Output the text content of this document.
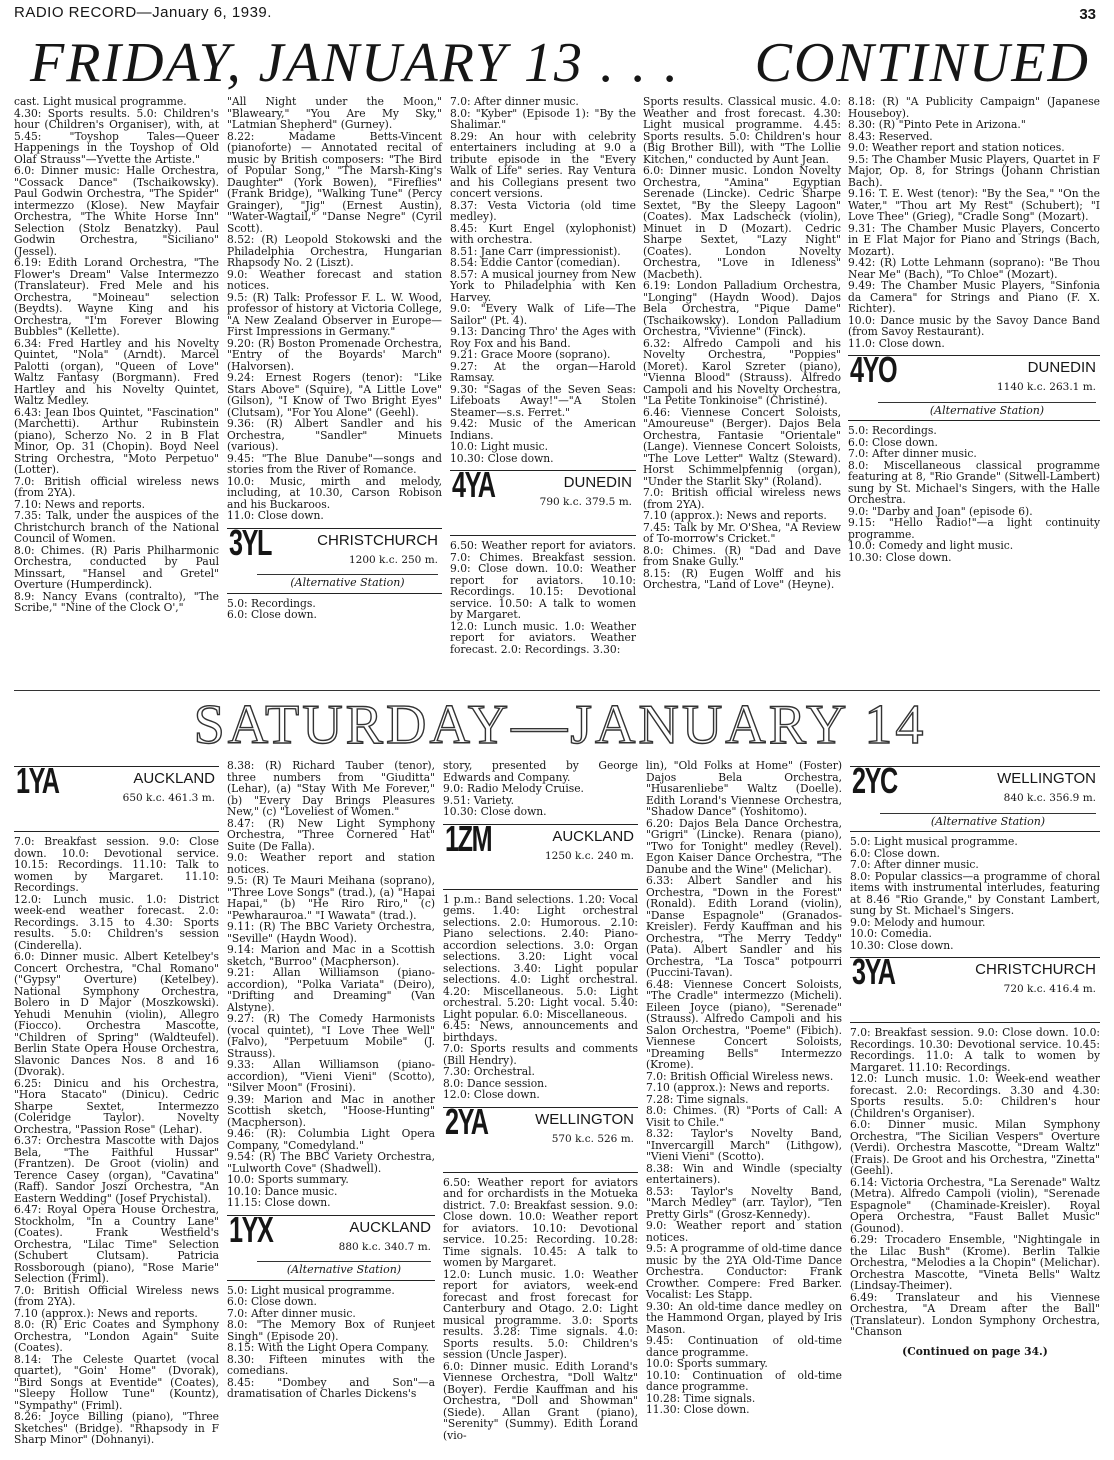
RADIO RECORD—January 6, 1939.	33
FRIDAY, JANUARY 13 . . . CONTINUED

cast. Light musical programme.

4.30: Sports results. 5.0: Children's hour (Children's Organiser), with, at 5.45: "Toyshop Tales—Queer Happenings in the Toyshop of Old Olaf Strauss"—Yvette the Artiste."

6.0: Dinner music: Halle Orchestra, "Cossack Dance" (Tschaikowsky). Paul Godwin Orchestra, "The Spider" intermezzo (Klose). New Mayfair Orchestra, "The White Horse Inn" Selection (Stolz Benatzky). Paul Godwin Orchestra, "Siciliano" (Jessel).

6.19: Edith Lorand Orchestra, "The Flower's Dream" Valse Intermezzo (Translateur). Fred Mele and his Orchestra, "Moineau" selection (Beydts). Wayne King and his Orchestra, "I'm Forever Blowing Bubbles" (Kellette).

6.34: Fred Hartley and his Novelty Quintet, "Nola" (Arndt). Marcel Palotti (organ), "Queen of Love" Waltz Fantasy (Borgmann). Fred Hartley and his Novelty Quintet, Waltz Medley.

6.43: Jean Ibos Quintet, "Fascination" (Marchetti). Arthur Rubinstein (piano), Scherzo No. 2 in B Flat Minor, Op. 31 (Chopin). Boyd Neel String Orchestra, "Moto Perpetuo" (Lotter).

7.0: British official wireless news (from 2YA).

7.10: News and reports.

7.35: Talk, under the auspices of the Christchurch branch of the National Council of Women.

8.0: Chimes. (R) Paris Philharmonic Orchestra, conducted by Paul Minssart, "Hansel and Gretel" Overture (Humperdinck).

8.9: Nancy Evans (contralto), "The Scribe," "Nine of the Clock O',"

"All Night under the Moon," "Blaweary," "You Are My Sky," "Latmian Shepherd" (Gurney).

8.22: Madame Betts-Vincent (pianoforte) — Annotated recital of music by British composers: "The Bird of Popular Song," "The Marsh-King's Daughter" (York Bowen), "Fireflies" (Frank Bridge), "Walking Tune" (Percy Grainger), "Jig" (Ernest Austin), "Water-Wagtail," "Danse Negre" (Cyril Scott).

8.52: (R) Leopold Stokowski and the Philadelphia Orchestra, Hungarian Rhapsody No. 2 (Liszt).

9.0: Weather forecast and station notices.

9.5: (R) Talk: Professor F. L. W. Wood, professor of history at Victoria College, "A New Zealand Observer in Europe—First Impressions in Germany."

9.20: (R) Boston Promenade Orchestra, "Entry of the Boyards' March" (Halvorsen).

9.24: Ernest Rogers (tenor): "Like Stars Above" (Squire), "A Little Love" (Gilson), "I Know of Two Bright Eyes" (Clutsam), "For You Alone" (Geehl).

9.36: (R) Albert Sandler and his Orchestra, "Sandler" Minuets (various).

9.45: "The Blue Danube"—songs and stories from the River of Romance.

10.0: Music, mirth and melody, including, at 10.30, Carson Robison and his Buckaroos.

11.0: Close down.

3YL	CHRISTCHURCH
1200 k.c. 250 m.
(Alternative Station)

5.0: Recordings.

6.0: Close down.

7.0: After dinner music.

8.0: "Kyber" (Episode 1): "By the Shalimar."

8.29: An hour with celebrity entertainers including at 9.0 a tribute episode in the "Every Walk of Life" series. Ray Ventura and his Collegians present two concert versions.

8.37: Vesta Victoria (old time medley).

8.45: Kurt Engel (xylophonist) with orchestra.

8.51: Jane Carr (impressionist).

8.54: Eddie Cantor (comedian).

8.57: A musical journey from New York to Philadelphia with Ken Harvey.

9.0: "Every Walk of Life—The Sailor" (Pt. 4).

9.13: Dancing Thro' the Ages with Roy Fox and his Band.

9.21: Grace Moore (soprano).

9.27: At the organ—Harold Ramsay.

9.30: "Sagas of the Seven Seas: Lifeboats Away!"—"A Stolen Steamer—s.s. Ferret."

9.42: Music of the American Indians.

10.0: Light music.

10.30: Close down.

4YA	DUNEDIN
790 k.c. 379.5 m.

6.50: Weather report for aviators. 7.0: Chimes. Breakfast session. 9.0: Close down. 10.0: Weather report for aviators. 10.10: Recordings. 10.15: Devotional service. 10.50: A talk to women by Margaret.

12.0: Lunch music. 1.0: Weather report for aviators. Weather forecast. 2.0: Recordings. 3.30:

Sports results. Classical music. 4.0: Weather and frost forecast. 4.30: Light musical programme. 4.45: Sports results. 5.0: Children's hour (Big Brother Bill), with "The Lollie Kitchen," conducted by Aunt Jean.

6.0: Dinner music. London Novelty Orchestra, "Amina" Egyptian Serenade (Lincke). Cedric Sharpe Sextet, "By the Sleepy Lagoon" (Coates). Max Ladscheck (violin), Minuet in D (Mozart). Cedric Sharpe Sextet, "Lazy Night" (Coates). London Novelty Orchestra, "Love in Idleness" (Macbeth).

6.19: London Palladium Orchestra, "Longing" (Haydn Wood). Dajos Bela Orchestra, "Pique Dame" (Tschaikowsky). London Palladium Orchestra, "Vivienne" (Finck).

6.32: Alfredo Campoli and his Novelty Orchestra, "Poppies" (Moret). Karol Szreter (piano), "Vienna Blood" (Strauss). Alfredo Campoli and his Novelty Orchestra, "La Petite Tonkinoise" (Christiné).

6.46: Viennese Concert Soloists, "Amoureuse" (Berger). Dajos Bela Orchestra, Fantasie "Orientale" (Lange). Viennese Concert Soloists, "The Love Letter" Waltz (Steward). Horst Schimmelpfennig (organ), "Under the Starlit Sky" (Roland).

7.0: British official wireless news (from 2YA).

7.10 (approx.): News and reports.

7.45: Talk by Mr. O'Shea, "A Review of To-morrow's Cricket."

8.0: Chimes. (R) "Dad and Dave from Snake Gully."

8.15: (R) Eugen Wolff and his Orchestra, "Land of Love" (Heyne).

8.18: (R) "A Publicity Campaign" (Japanese Houseboy).

8.30: (R) "Pinto Pete in Arizona."

8.43: Reserved.

9.0: Weather report and station notices.

9.5: The Chamber Music Players, Quartet in F Major, Op. 8, for Strings (Johann Christian Bach).

9.16: T. E. West (tenor): "By the Sea," "On the Water," "Thou art My Rest" (Schubert); "I Love Thee" (Grieg), "Cradle Song" (Mozart).

9.31: The Chamber Music Players, Concerto in E Flat Major for Piano and Strings (Bach, Mozart).

9.42: (R) Lotte Lehmann (soprano): "Be Thou Near Me" (Bach), "To Chloe" (Mozart).

9.49: The Chamber Music Players, "Sinfonia da Camera" for Strings and Piano (F. X. Richter).

10.0: Dance music by the Savoy Dance Band (from Savoy Restaurant).

11.0: Close down.

4YO	DUNEDIN
1140 k.c. 263.1 m.
(Alternative Station)

5.0: Recordings.

6.0: Close down.

7.0: After dinner music.

8.0: Miscellaneous classical programme featuring at 8, "Rio Grande" (Sitwell-Lambert) sung by St. Michael's Singers, with the Halle Orchestra.

9.0: "Darby and Joan" (episode 6).

9.15: "Hello Radio!"—a light continuity programme.

10.0: Comedy and light music.

10.30: Close down.

SATURDAY—JANUARY 14
1YA	AUCKLAND
650 k.c. 461.3 m.

7.0: Breakfast session. 9.0: Close down. 10.0: Devotional service. 10.15: Recordings. 11.10: Talk to women by Margaret. 11.10: Recordings.

12.0: Lunch music. 1.0: District week-end weather forecast. 2.0: Recordings. 3.15 to 4.30: Sports results. 5.0: Children's session (Cinderella).

6.0: Dinner music. Albert Ketelbey's Concert Orchestra, "Chal Romano" ("Gypsy" Overture) (Ketelbey). National Symphony Orchestra, Bolero in D Major (Moszkowski). Yehudi Menuhin (violin), Allegro (Fiocco). Orchestra Mascotte, "Children of Spring" (Waldteufel). Berlin State Opera House Orchestra, Slavonic Dances Nos. 8 and 16 (Dvorak).

6.25: Dinicu and his Orchestra, "Hora Stacato" (Dinicu). Cedric Sharpe Sextet, Intermezzo (Coleridge Taylor). Novelty Orchestra, "Passion Rose" (Lehar).

6.37: Orchestra Mascotte with Dajos Bela, "The Faithful Hussar" (Frantzen). De Groot (violin) and Terence Casey (organ), "Cavatina" (Raff). Sandor Joszi Orchestra, "An Eastern Wedding" (Josef Prychistal).

6.47: Royal Opera House Orchestra, Stockholm, "In a Country Lane" (Coates). Frank Westfield's Orchestra, "Lilac Time" Selection (Schubert Clutsam). Patricia Rossborough (piano), "Rose Marie" Selection (Friml).

7.0: British Official Wireless news (from 2YA).

7.10 (approx.): News and reports.

8.0: (R) Eric Coates and Symphony Orchestra, "London Again" Suite (Coates).

8.14: The Celeste Quartet (vocal quartet), "Goin' Home" (Dvorak), "Bird Songs at Eventide" (Coates), "Sleepy Hollow Tune" (Kountz), "Sympathy" (Friml).

8.26: Joyce Billing (piano), "Three Sketches" (Bridge). "Rhapsody in F Sharp Minor" (Dohnanyi).

8.38: (R) Richard Tauber (tenor), three numbers from "Giuditta" (Lehar), (a) "Stay With Me Forever," (b) "Every Day Brings Pleasures New," (c) "Loveliest of Women."

8.47: (R) New Light Symphony Orchestra, "Three Cornered Hat" Suite (De Falla).

9.0: Weather report and station notices.

9.5: (R) Te Mauri Meihana (soprano), "Three Love Songs" (trad.), (a) "Hapai Hapai," (b) "He Riro Riro," (c) "Pewharauroa." "I Wawata" (trad.).

9.11: (R) The BBC Variety Orchestra, "Seville" (Haydn Wood).

9.14: Marion and Mac in a Scottish sketch, "Burroo" (Macpherson).

9.21: Allan Williamson (piano-accordion), "Polka Variata" (Deiro), "Drifting and Dreaming" (Van Alstyne).

9.27: (R) The Comedy Harmonists (vocal quintet), "I Love Thee Well" (Falvo), "Perpetuum Mobile" (J. Strauss).

9.33: Allan Williamson (piano-accordion), "Vieni Vieni" (Scotto), "Silver Moon" (Frosini).

9.39: Marion and Mac in another Scottish sketch, "Hoose-Hunting" (Macpherson).

9.46: (R): Columbia Light Opera Company, "Comedyland."

9.54: (R) The BBC Variety Orchestra, "Lulworth Cove" (Shadwell).

10.0: Sports summary.

10.10: Dance music.

11.15: Close down.

1YX	AUCKLAND
880 k.c. 340.7 m.
(Alternative Station)

5.0: Light musical programme.

6.0: Close down.

7.0: After dinner music.

8.0: "The Memory Box of Runjeet Singh" (Episode 20).

8.15: With the Light Opera Company.

8.30: Fifteen minutes with the comedians.

8.45: "Dombey and Son"—a dramatisation of Charles Dickens's

story, presented by George Edwards and Company.

9.0: Radio Melody Cruise.

9.51: Variety.

10.30: Close down.

1ZM	AUCKLAND
1250 k.c. 240 m.

1 p.m.: Band selections. 1.20: Vocal gems. 1.40: Light orchestral selections. 2.0: Humorous. 2.10: Piano selections. 2.40: Piano-accordion selections. 3.0: Organ selections. 3.20: Light vocal selections. 3.40: Light popular selections. 4.0: Light orchestral. 4.20: Miscellaneous. 5.0: Light orchestral. 5.20: Light vocal. 5.40: Light popular. 6.0: Miscellaneous.

6.45: News, announcements and birthdays.

7.0: Sports results and comments (Bill Hendry).

7.30: Orchestral.

8.0: Dance session.

12.0: Close down.

2YA	WELLINGTON
570 k.c. 526 m.

6.50: Weather report for aviators and for orchardists in the Motueka district. 7.0: Breakfast session. 9.0: Close down. 10.0: Weather report for aviators. 10.10: Devotional service. 10.25: Recording. 10.28: Time signals. 10.45: A talk to women by Margaret.

12.0: Lunch music. 1.0: Weather report for aviators, week-end forecast and frost forecast for Canterbury and Otago. 2.0: Light musical programme. 3.0: Sports results. 3.28: Time signals. 4.0: Sports results. 5.0: Children's session (Uncle Jasper).

6.0: Dinner music. Edith Lorand's Viennese Orchestra, "Doll Waltz" (Boyer). Ferdie Kauffman and his Orchestra, "Doll and Showman" (Siede). Allan Grant (piano), "Serenity" (Summy). Edith Lorand (vio-

lin), "Old Folks at Home" (Foster) Dajos Bela Orchestra, "Husarenliebe" Waltz (Doelle). Edith Lorand's Viennese Orchestra, "Shadow Dance" (Yoshitomo).

6.20: Dajos Bela Dance Orchestra, "Grigri" (Lincke). Renara (piano), "Two for Tonight" medley (Revel). Egon Kaiser Dance Orchestra, "The Danube and the Wine" (Melichar).

6.33: Albert Sandler and his Orchestra, "Down in the Forest" (Ronald). Edith Lorand (violin), "Danse Espagnole" (Granados-Kreisler). Ferdy Kauffman and his Orchestra, "The Merry Teddy" (Pata). Albert Sandler and his Orchestra, "La Tosca" potpourri (Puccini-Tavan).

6.48: Viennese Concert Soloists, "The Cradle" intermezzo (Micheli). Eileen Joyce (piano), "Serenade" (Strauss). Alfredo Campoli and his Salon Orchestra, "Poeme" (Fibich). Viennese Concert Soloists, "Dreaming Bells" Intermezzo (Krome).

7.0: British Official Wireless news.

7.10 (approx.): News and reports.

7.28: Time signals.

8.0: Chimes. (R) "Ports of Call: A Visit to Chile."

8.32: Taylor's Novelty Band, "Invercargill March" (Lithgow), "Vieni Vieni" (Scotto).

8.38: Win and Windle (specialty entertainers).

8.53: Taylor's Novelty Band, "March Medley" (arr. Taylor), "Ten Pretty Girls" (Grosz-Kennedy).

9.0: Weather report and station notices.

9.5: A programme of old-time dance music by the 2YA Old-Time Dance Orchestra. Conductor: Frank Crowther. Compere: Fred Barker. Vocalist: Les Stapp.

9.30: An old-time dance medley on the Hammond Organ, played by Iris Mason.

9.45: Continuation of old-time dance programme.

10.0: Sports summary.

10.10: Continuation of old-time dance programme.

10.28: Time signals.

11.30: Close down.

2YC	WELLINGTON
840 k.c. 356.9 m.
(Alternative Station)

5.0: Light musical programme.

6.0: Close down.

7.0: After dinner music.

8.0: Popular classics—a programme of choral items with instrumental interludes, featuring at 8.46 "Rio Grande," by Constant Lambert, sung by St. Michael's Singers.

9.0: Melody and humour.

10.0: Comedia.

10.30: Close down.

3YA	CHRISTCHURCH
720 k.c. 416.4 m.

7.0: Breakfast session. 9.0: Close down. 10.0: Recordings. 10.30: Devotional service. 10.45: Recordings. 11.0: A talk to women by Margaret. 11.10: Recordings.

12.0: Lunch music. 1.0: Week-end weather forecast. 2.0: Recordings. 3.30 and 4.30: Sports results. 5.0: Children's hour (Children's Organiser).

6.0: Dinner music. Milan Symphony Orchestra, "The Sicilian Vespers" Overture (Verdi). Orchestra Mascotte, "Dream Waltz" (Frais). De Groot and his Orchestra, "Zinetta" (Geehl).

6.14: Victoria Orchestra, "La Serenade" Waltz (Metra). Alfredo Campoli (violin), "Serenade Espagnole" (Chaminade-Kreisler). Royal Opera Orchestra, "Faust Ballet Music" (Gounod).

6.29: Trocadero Ensemble, "Nightingale in the Lilac Bush" (Krome). Berlin Talkie Orchestra, "Melodies a la Chopin" (Melichar). Orchestra Mascotte, "Vineta Bells" Waltz (Lindsay-Theimer).

6.49: Translateur and his Viennese Orchestra, "A Dream after the Ball" (Translateur). London Symphony Orchestra, "Chanson

(Continued on page 34.)
